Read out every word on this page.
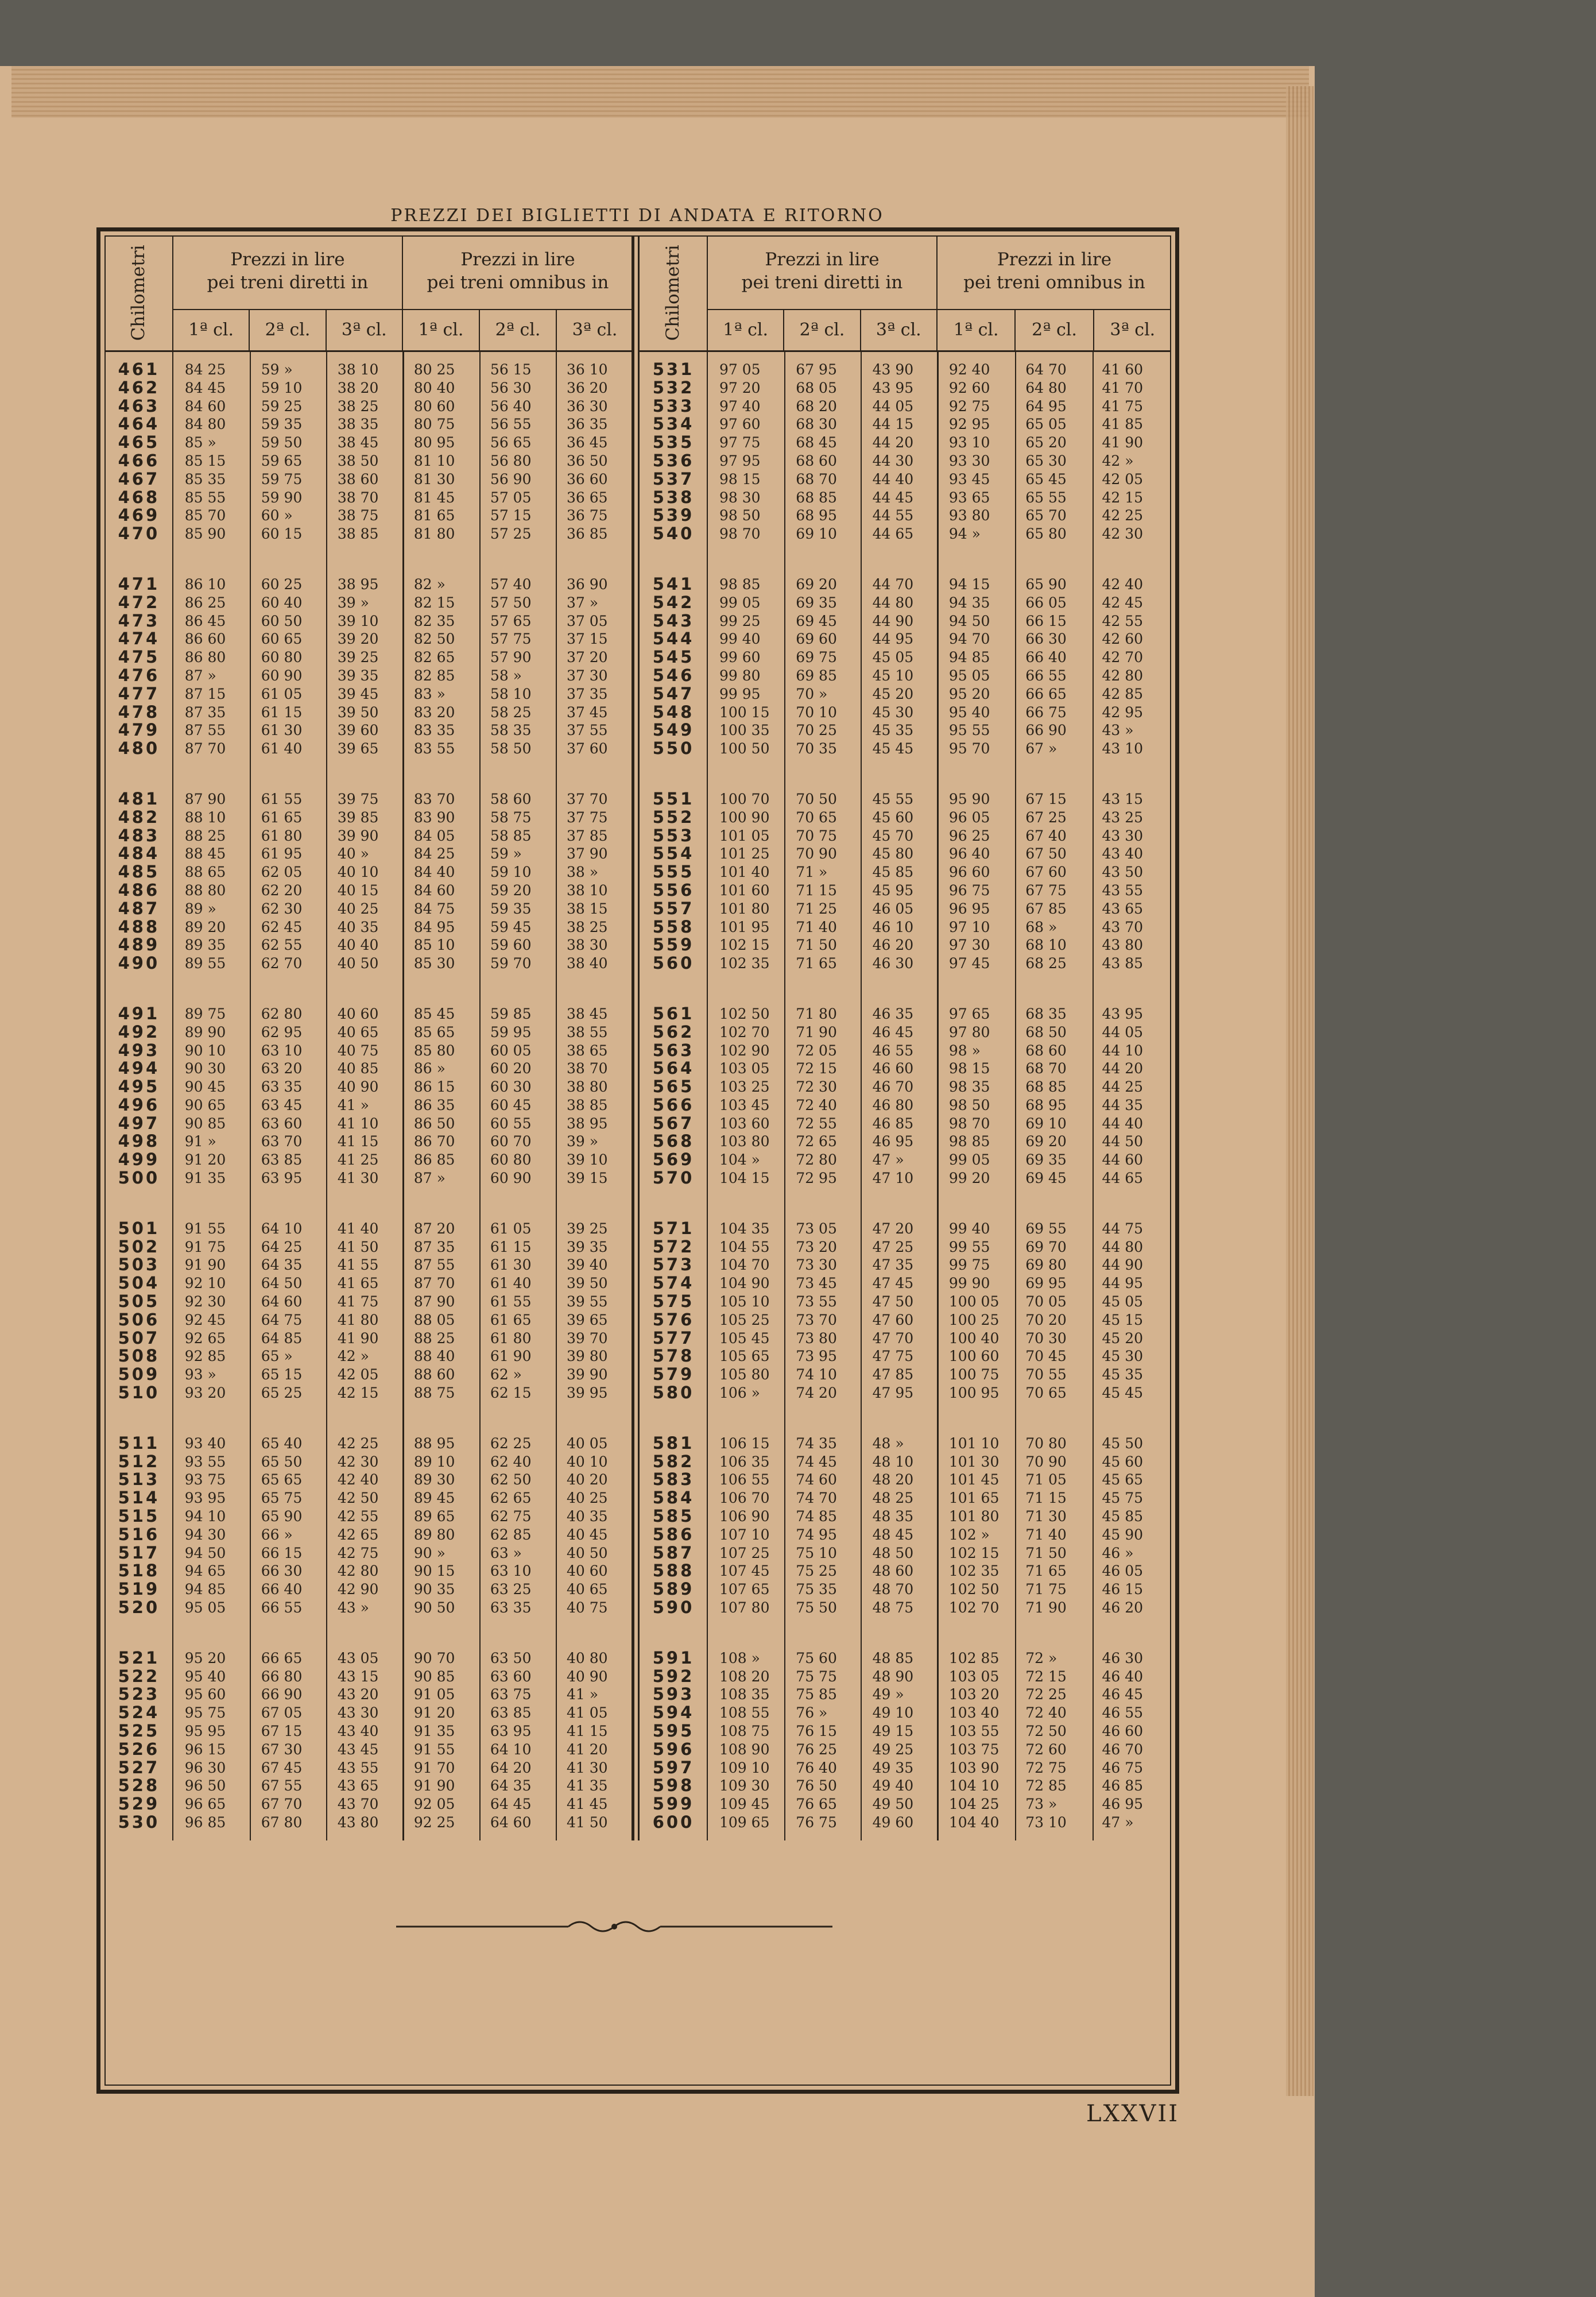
PREZZI DEI BIGLIETTI DI ANDATA E RITORNO
Chilometri	Prezzi in lire
pei treni diretti in
1ª cl.	2ª cl.	3ª cl.
Prezzi in lire
pei treni omnibus in
1ª cl.	2ª cl.	3ª cl.
461	84 25	59 »	38 10	80 25	56 15	36 10
462	84 45	59 10	38 20	80 40	56 30	36 20
463	84 60	59 25	38 25	80 60	56 40	36 30
464	84 80	59 35	38 35	80 75	56 55	36 35
465	85 »	59 50	38 45	80 95	56 65	36 45
466	85 15	59 65	38 50	81 10	56 80	36 50
467	85 35	59 75	38 60	81 30	56 90	36 60
468	85 55	59 90	38 70	81 45	57 05	36 65
469	85 70	60 »	38 75	81 65	57 15	36 75
470	85 90	60 15	38 85	81 80	57 25	36 85
471	86 10	60 25	38 95	82 »	57 40	36 90
472	86 25	60 40	39 »	82 15	57 50	37 »
473	86 45	60 50	39 10	82 35	57 65	37 05
474	86 60	60 65	39 20	82 50	57 75	37 15
475	86 80	60 80	39 25	82 65	57 90	37 20
476	87 »	60 90	39 35	82 85	58 »	37 30
477	87 15	61 05	39 45	83 »	58 10	37 35
478	87 35	61 15	39 50	83 20	58 25	37 45
479	87 55	61 30	39 60	83 35	58 35	37 55
480	87 70	61 40	39 65	83 55	58 50	37 60
481	87 90	61 55	39 75	83 70	58 60	37 70
482	88 10	61 65	39 85	83 90	58 75	37 75
483	88 25	61 80	39 90	84 05	58 85	37 85
484	88 45	61 95	40 »	84 25	59 »	37 90
485	88 65	62 05	40 10	84 40	59 10	38 »
486	88 80	62 20	40 15	84 60	59 20	38 10
487	89 »	62 30	40 25	84 75	59 35	38 15
488	89 20	62 45	40 35	84 95	59 45	38 25
489	89 35	62 55	40 40	85 10	59 60	38 30
490	89 55	62 70	40 50	85 30	59 70	38 40
491	89 75	62 80	40 60	85 45	59 85	38 45
492	89 90	62 95	40 65	85 65	59 95	38 55
493	90 10	63 10	40 75	85 80	60 05	38 65
494	90 30	63 20	40 85	86 »	60 20	38 70
495	90 45	63 35	40 90	86 15	60 30	38 80
496	90 65	63 45	41 »	86 35	60 45	38 85
497	90 85	63 60	41 10	86 50	60 55	38 95
498	91 »	63 70	41 15	86 70	60 70	39 »
499	91 20	63 85	41 25	86 85	60 80	39 10
500	91 35	63 95	41 30	87 »	60 90	39 15
501	91 55	64 10	41 40	87 20	61 05	39 25
502	91 75	64 25	41 50	87 35	61 15	39 35
503	91 90	64 35	41 55	87 55	61 30	39 40
504	92 10	64 50	41 65	87 70	61 40	39 50
505	92 30	64 60	41 75	87 90	61 55	39 55
506	92 45	64 75	41 80	88 05	61 65	39 65
507	92 65	64 85	41 90	88 25	61 80	39 70
508	92 85	65 »	42 »	88 40	61 90	39 80
509	93 »	65 15	42 05	88 60	62 »	39 90
510	93 20	65 25	42 15	88 75	62 15	39 95
511	93 40	65 40	42 25	88 95	62 25	40 05
512	93 55	65 50	42 30	89 10	62 40	40 10
513	93 75	65 65	42 40	89 30	62 50	40 20
514	93 95	65 75	42 50	89 45	62 65	40 25
515	94 10	65 90	42 55	89 65	62 75	40 35
516	94 30	66 »	42 65	89 80	62 85	40 45
517	94 50	66 15	42 75	90 »	63 »	40 50
518	94 65	66 30	42 80	90 15	63 10	40 60
519	94 85	66 40	42 90	90 35	63 25	40 65
520	95 05	66 55	43 »	90 50	63 35	40 75
521	95 20	66 65	43 05	90 70	63 50	40 80
522	95 40	66 80	43 15	90 85	63 60	40 90
523	95 60	66 90	43 20	91 05	63 75	41 »
524	95 75	67 05	43 30	91 20	63 85	41 05
525	95 95	67 15	43 40	91 35	63 95	41 15
526	96 15	67 30	43 45	91 55	64 10	41 20
527	96 30	67 45	43 55	91 70	64 20	41 30
528	96 50	67 55	43 65	91 90	64 35	41 35
529	96 65	67 70	43 70	92 05	64 45	41 45
530	96 85	67 80	43 80	92 25	64 60	41 50
Chilometri	Prezzi in lire
pei treni diretti in
1ª cl.	2ª cl.	3ª cl.
Prezzi in lire
pei treni omnibus in
1ª cl.	2ª cl.	3ª cl.
531	97 05	67 95	43 90	92 40	64 70	41 60
532	97 20	68 05	43 95	92 60	64 80	41 70
533	97 40	68 20	44 05	92 75	64 95	41 75
534	97 60	68 30	44 15	92 95	65 05	41 85
535	97 75	68 45	44 20	93 10	65 20	41 90
536	97 95	68 60	44 30	93 30	65 30	42 »
537	98 15	68 70	44 40	93 45	65 45	42 05
538	98 30	68 85	44 45	93 65	65 55	42 15
539	98 50	68 95	44 55	93 80	65 70	42 25
540	98 70	69 10	44 65	94 »	65 80	42 30
541	98 85	69 20	44 70	94 15	65 90	42 40
542	99 05	69 35	44 80	94 35	66 05	42 45
543	99 25	69 45	44 90	94 50	66 15	42 55
544	99 40	69 60	44 95	94 70	66 30	42 60
545	99 60	69 75	45 05	94 85	66 40	42 70
546	99 80	69 85	45 10	95 05	66 55	42 80
547	99 95	70 »	45 20	95 20	66 65	42 85
548	100 15	70 10	45 30	95 40	66 75	42 95
549	100 35	70 25	45 35	95 55	66 90	43 »
550	100 50	70 35	45 45	95 70	67 »	43 10
551	100 70	70 50	45 55	95 90	67 15	43 15
552	100 90	70 65	45 60	96 05	67 25	43 25
553	101 05	70 75	45 70	96 25	67 40	43 30
554	101 25	70 90	45 80	96 40	67 50	43 40
555	101 40	71 »	45 85	96 60	67 60	43 50
556	101 60	71 15	45 95	96 75	67 75	43 55
557	101 80	71 25	46 05	96 95	67 85	43 65
558	101 95	71 40	46 10	97 10	68 »	43 70
559	102 15	71 50	46 20	97 30	68 10	43 80
560	102 35	71 65	46 30	97 45	68 25	43 85
561	102 50	71 80	46 35	97 65	68 35	43 95
562	102 70	71 90	46 45	97 80	68 50	44 05
563	102 90	72 05	46 55	98 »	68 60	44 10
564	103 05	72 15	46 60	98 15	68 70	44 20
565	103 25	72 30	46 70	98 35	68 85	44 25
566	103 45	72 40	46 80	98 50	68 95	44 35
567	103 60	72 55	46 85	98 70	69 10	44 40
568	103 80	72 65	46 95	98 85	69 20	44 50
569	104 »	72 80	47 »	99 05	69 35	44 60
570	104 15	72 95	47 10	99 20	69 45	44 65
571	104 35	73 05	47 20	99 40	69 55	44 75
572	104 55	73 20	47 25	99 55	69 70	44 80
573	104 70	73 30	47 35	99 75	69 80	44 90
574	104 90	73 45	47 45	99 90	69 95	44 95
575	105 10	73 55	47 50	100 05	70 05	45 05
576	105 25	73 70	47 60	100 25	70 20	45 15
577	105 45	73 80	47 70	100 40	70 30	45 20
578	105 65	73 95	47 75	100 60	70 45	45 30
579	105 80	74 10	47 85	100 75	70 55	45 35
580	106 »	74 20	47 95	100 95	70 65	45 45
581	106 15	74 35	48 »	101 10	70 80	45 50
582	106 35	74 45	48 10	101 30	70 90	45 60
583	106 55	74 60	48 20	101 45	71 05	45 65
584	106 70	74 70	48 25	101 65	71 15	45 75
585	106 90	74 85	48 35	101 80	71 30	45 85
586	107 10	74 95	48 45	102 »	71 40	45 90
587	107 25	75 10	48 50	102 15	71 50	46 »
588	107 45	75 25	48 60	102 35	71 65	46 05
589	107 65	75 35	48 70	102 50	71 75	46 15
590	107 80	75 50	48 75	102 70	71 90	46 20
591	108 »	75 60	48 85	102 85	72 »	46 30
592	108 20	75 75	48 90	103 05	72 15	46 40
593	108 35	75 85	49 »	103 20	72 25	46 45
594	108 55	76 »	49 10	103 40	72 40	46 55
595	108 75	76 15	49 15	103 55	72 50	46 60
596	108 90	76 25	49 25	103 75	72 60	46 70
597	109 10	76 40	49 35	103 90	72 75	46 75
598	109 30	76 50	49 40	104 10	72 85	46 85
599	109 45	76 65	49 50	104 25	73 »	46 95
600	109 65	76 75	49 60	104 40	73 10	47 »
LXXVII
